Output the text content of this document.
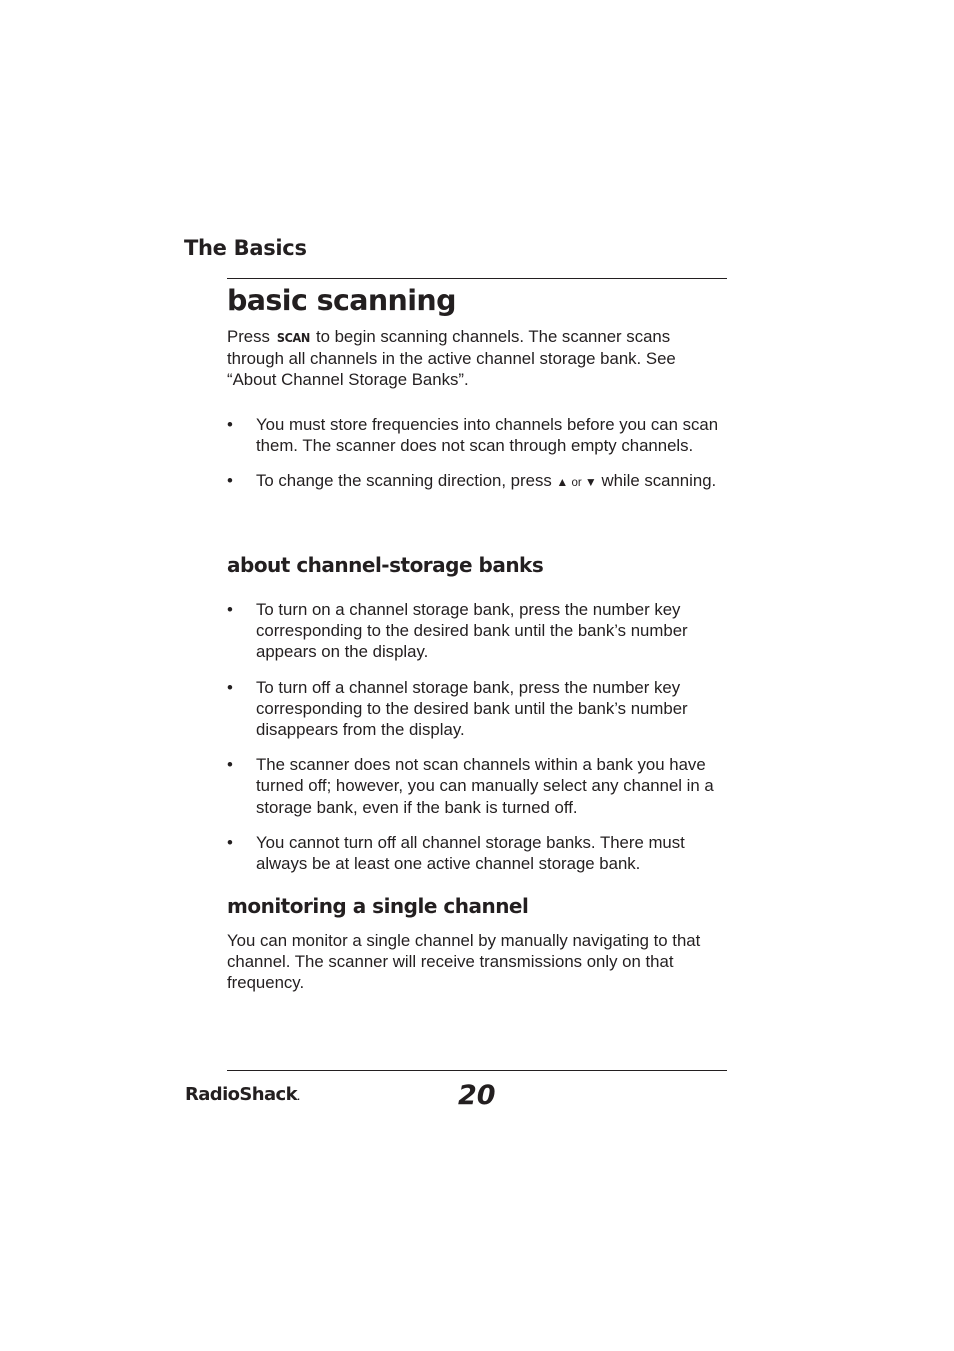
The Basics
basic scanning

Press SCAN to begin scanning channels. The scanner scans through all channels in the active channel storage bank. See “About Channel Storage Banks”.

•	You must store frequencies into channels before you can scan them. The scanner does not scan through empty channels.
•	To change the scanning direction, press ▲ or ▼ while scanning.
about channel-storage banks
•	To turn on a channel storage bank, press the number key corresponding to the desired bank until the bank’s number appears on the display.
•	To turn off a channel storage bank, press the number key corresponding to the desired bank until the bank’s number disappears from the display.
•	The scanner does not scan channels within a bank you have turned off; however, you can manually select any channel in a storage bank, even if the bank is turned off.
•	You cannot turn off all channel storage banks. There must always be at least one active channel storage bank.
monitoring a single channel

You can monitor a single channel by manually navigating to that channel. The scanner will receive transmissions only on that frequency.

RadioShack.	20
